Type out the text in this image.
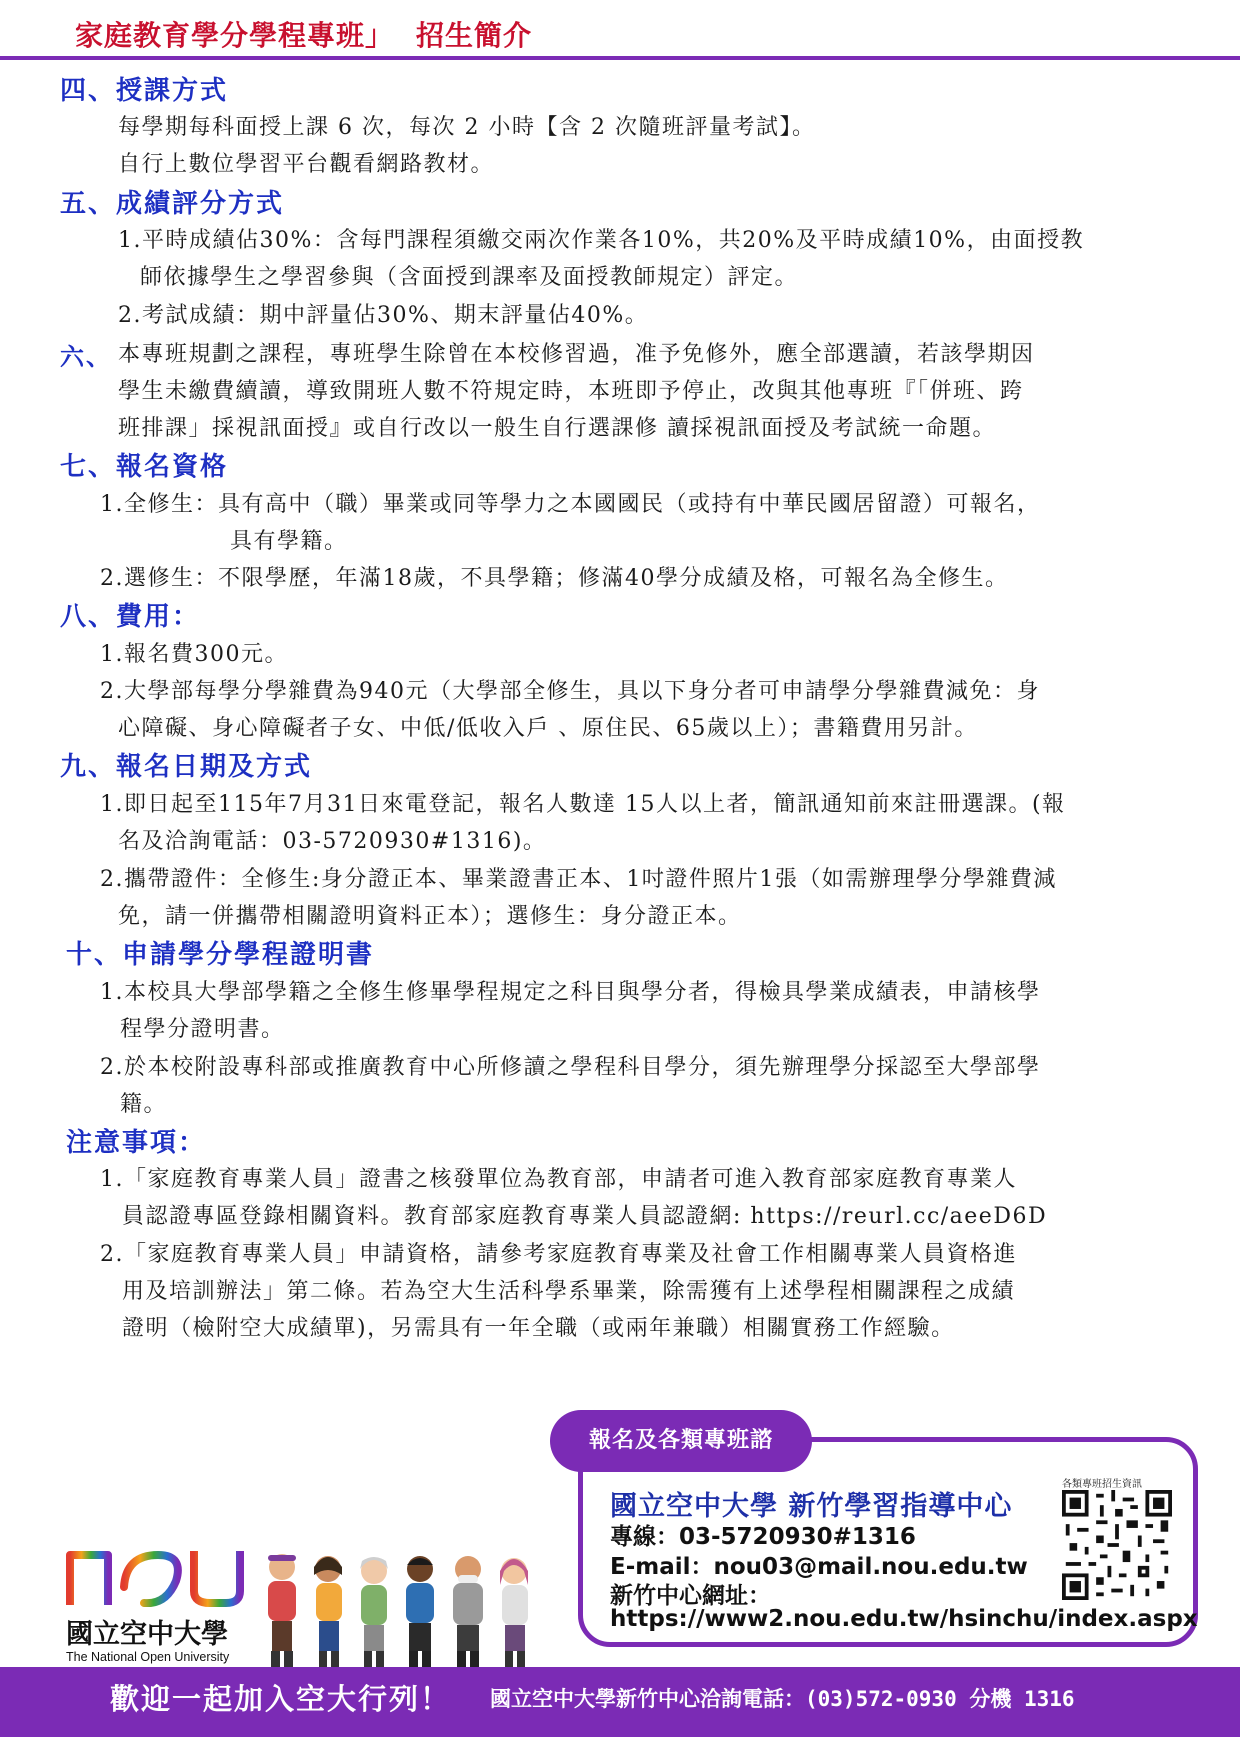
家庭教育學分學程專班」 招生簡介
四、授課方式
每學期每科面授上課 6 次，每次 2 小時【含 2 次隨班評量考試】。
自行上數位學習平台觀看網路教材。
五、成績評分方式
1.平時成績佔30%：含每門課程須繳交兩次作業各10%，共20%及平時成績10%，由面授教
師依據學生之學習參與（含面授到課率及面授教師規定）評定。
2.考試成績：期中評量佔30%、期末評量佔40%。
六、 本專班規劃之課程，專班學生除曾在本校修習過，准予免修外，應全部選讀，若該學期因
學生未繳費續讀，導致開班人數不符規定時，本班即予停止，改與其他專班『「併班、跨
班排課」採視訊面授』或自行改以一般生自行選課修 讀採視訊面授及考試統一命題。
七、報名資格
1.全修生：具有高中（職）畢業或同等學力之本國國民（或持有中華民國居留證）可報名，
具有學籍。
2.選修生：不限學歷，年滿18歲，不具學籍；修滿40學分成績及格，可報名為全修生。
八、費用：
1.報名費300元。
2.大學部每學分學雜費為940元（大學部全修生，具以下身分者可申請學分學雜費減免：身
心障礙、身心障礙者子女、中低/低收入戶 、原住民、65歲以上）；書籍費用另計。
九、報名日期及方式
1.即日起至115年7月31日來電登記，報名人數達 15人以上者，簡訊通知前來註冊選課。(報
名及洽詢電話：03-5720930#1316)。
2.攜帶證件：全修生:身分證正本、畢業證書正本、1吋證件照片1張（如需辦理學分學雜費減
免，請一併攜帶相關證明資料正本）；選修生：身分證正本。
十、申請學分學程證明書
1.本校具大學部學籍之全修生修畢學程規定之科目與學分者，得檢具學業成績表，申請核學
程學分證明書。
2.於本校附設專科部或推廣教育中心所修讀之學程科目學分，須先辦理學分採認至大學部學
籍。
注意事項：
1.「家庭教育專業人員」證書之核發單位為教育部，申請者可進入教育部家庭教育專業人
員認證專區登錄相關資料。教育部家庭教育專業人員認證網: https://reurl.cc/aeeD6D
2.「家庭教育專業人員」申請資格，請參考家庭教育專業及社會工作相關專業人員資格進
用及培訓辦法」第二條。若為空大生活科學系畢業，除需獲有上述學程相關課程之成績
證明（檢附空大成績單)，另需具有一年全職（或兩年兼職）相關實務工作經驗。
報名及各類專班諮
國立空中大學 新竹學習指導中心
專線：03-5720930#1316
E-mail：nou03@mail.nou.edu.tw
新竹中心網址：
https://www2.nou.edu.tw/hsinchu/index.aspx
各類專班招生資訊
國立空中大學
The National Open University
歡迎一起加入空大行列！ 國立空中大學新竹中心洽詢電話：(03)572-0930 分機 1316
